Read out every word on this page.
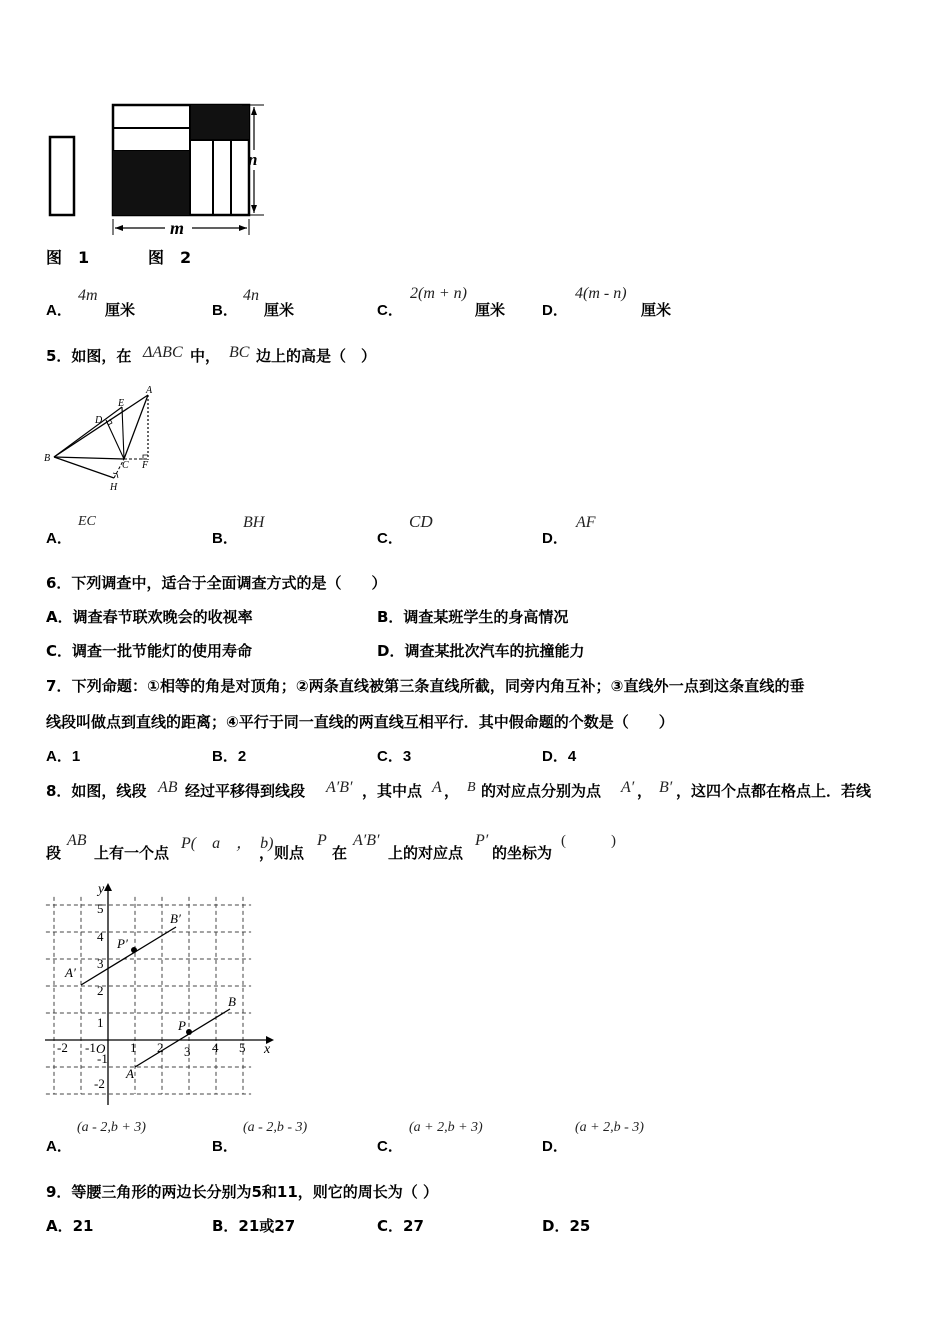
n
m
图　1	图　2
A．
4m
厘米	B．
4n
厘米	C．
2(m + n)
厘米 D．
4(m - n)
厘米
5．如图，在 ΔABC 中， BC 边上的高是（　）
A
B
C
D
E
F
H
A．
EC
B．
BH
C．
CD
D．
AF
6．下列调查中，适合于全面调查方式的是（　　）
A．调查春节联欢晚会的收视率	B．调查某班学生的身高情况
C．调查一批节能灯的使用寿命	D．调查某批次汽车的抗撞能力
7．下列命题：①相等的角是对顶角；②两条直线被第三条直线所截，同旁内角互补；③直线外一点到这条直线的垂
线段叫做点到直线的距离；④平行于同一直线的两直线互相平行．其中假命题的个数是（　　）
A．1	B．2	C．3	D．4
8．如图，线段 AB 经过平移得到线段 A′B′ ，其中点 A ， B 的对应点分别为点 A′ ， B′ ，这四个点都在格点上．若线
段
AB
上有一个点
P(　a　，　b)
，则点
P
在
A′B′
上的对应点
P′
的坐标为
(　　　)
y
x
O
-2 -1	1 2 3 4 5
5
4
3
2
1
-1
-2
A
B
A′
B′
P
P′
A．
(a - 2,b + 3)
B．
(a - 2,b - 3)
C．
(a + 2,b + 3)
D．
(a + 2,b - 3)
9．等腰三角形的两边长分别为5和11，则它的周长为（ ）
A．21	B．21或27	C．27	D．25
